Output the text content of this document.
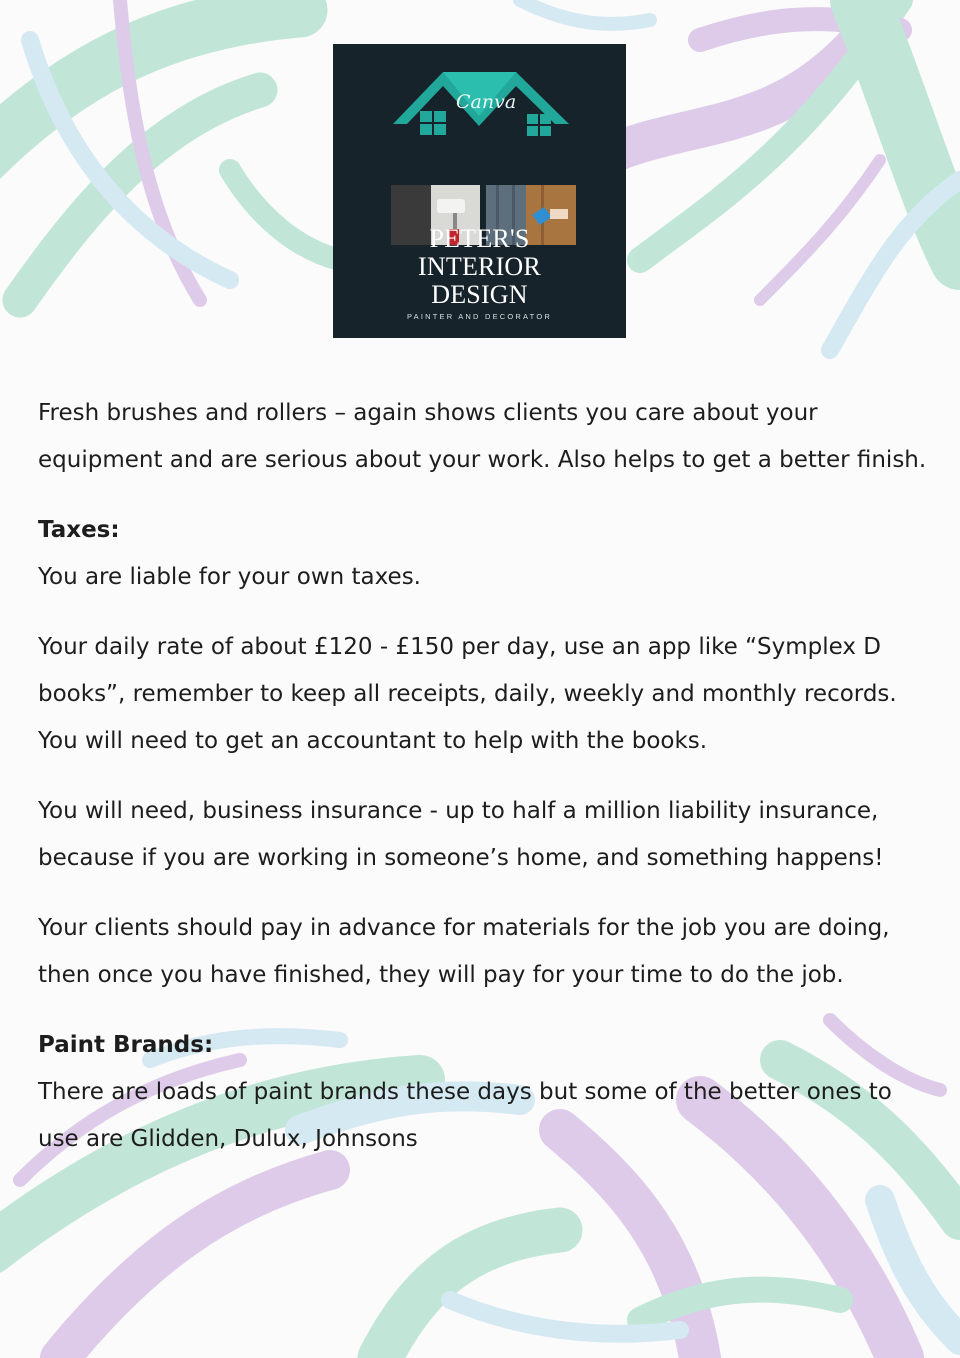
Canva
PETER'S
INTERIOR
DESIGN
PAINTER AND DECORATOR

Fresh brushes and rollers – again shows clients you care about your equipment and are serious about your work. Also helps to get a better finish.

Taxes:
You are liable for your own taxes.

Your daily rate of about £120 - £150 per day, use an app like “Symplex D books”, remember to keep all receipts, daily, weekly and monthly records. You will need to get an accountant to help with the books.

You will need, business insurance - up to half a million liability insurance, because if you are working in someone’s home, and something happens!

Your clients should pay in advance for materials for the job you are doing, then once you have finished, they will pay for your time to do the job.

Paint Brands:
There are loads of paint brands these days but some of the better ones to use are Glidden, Dulux, Johnsons
